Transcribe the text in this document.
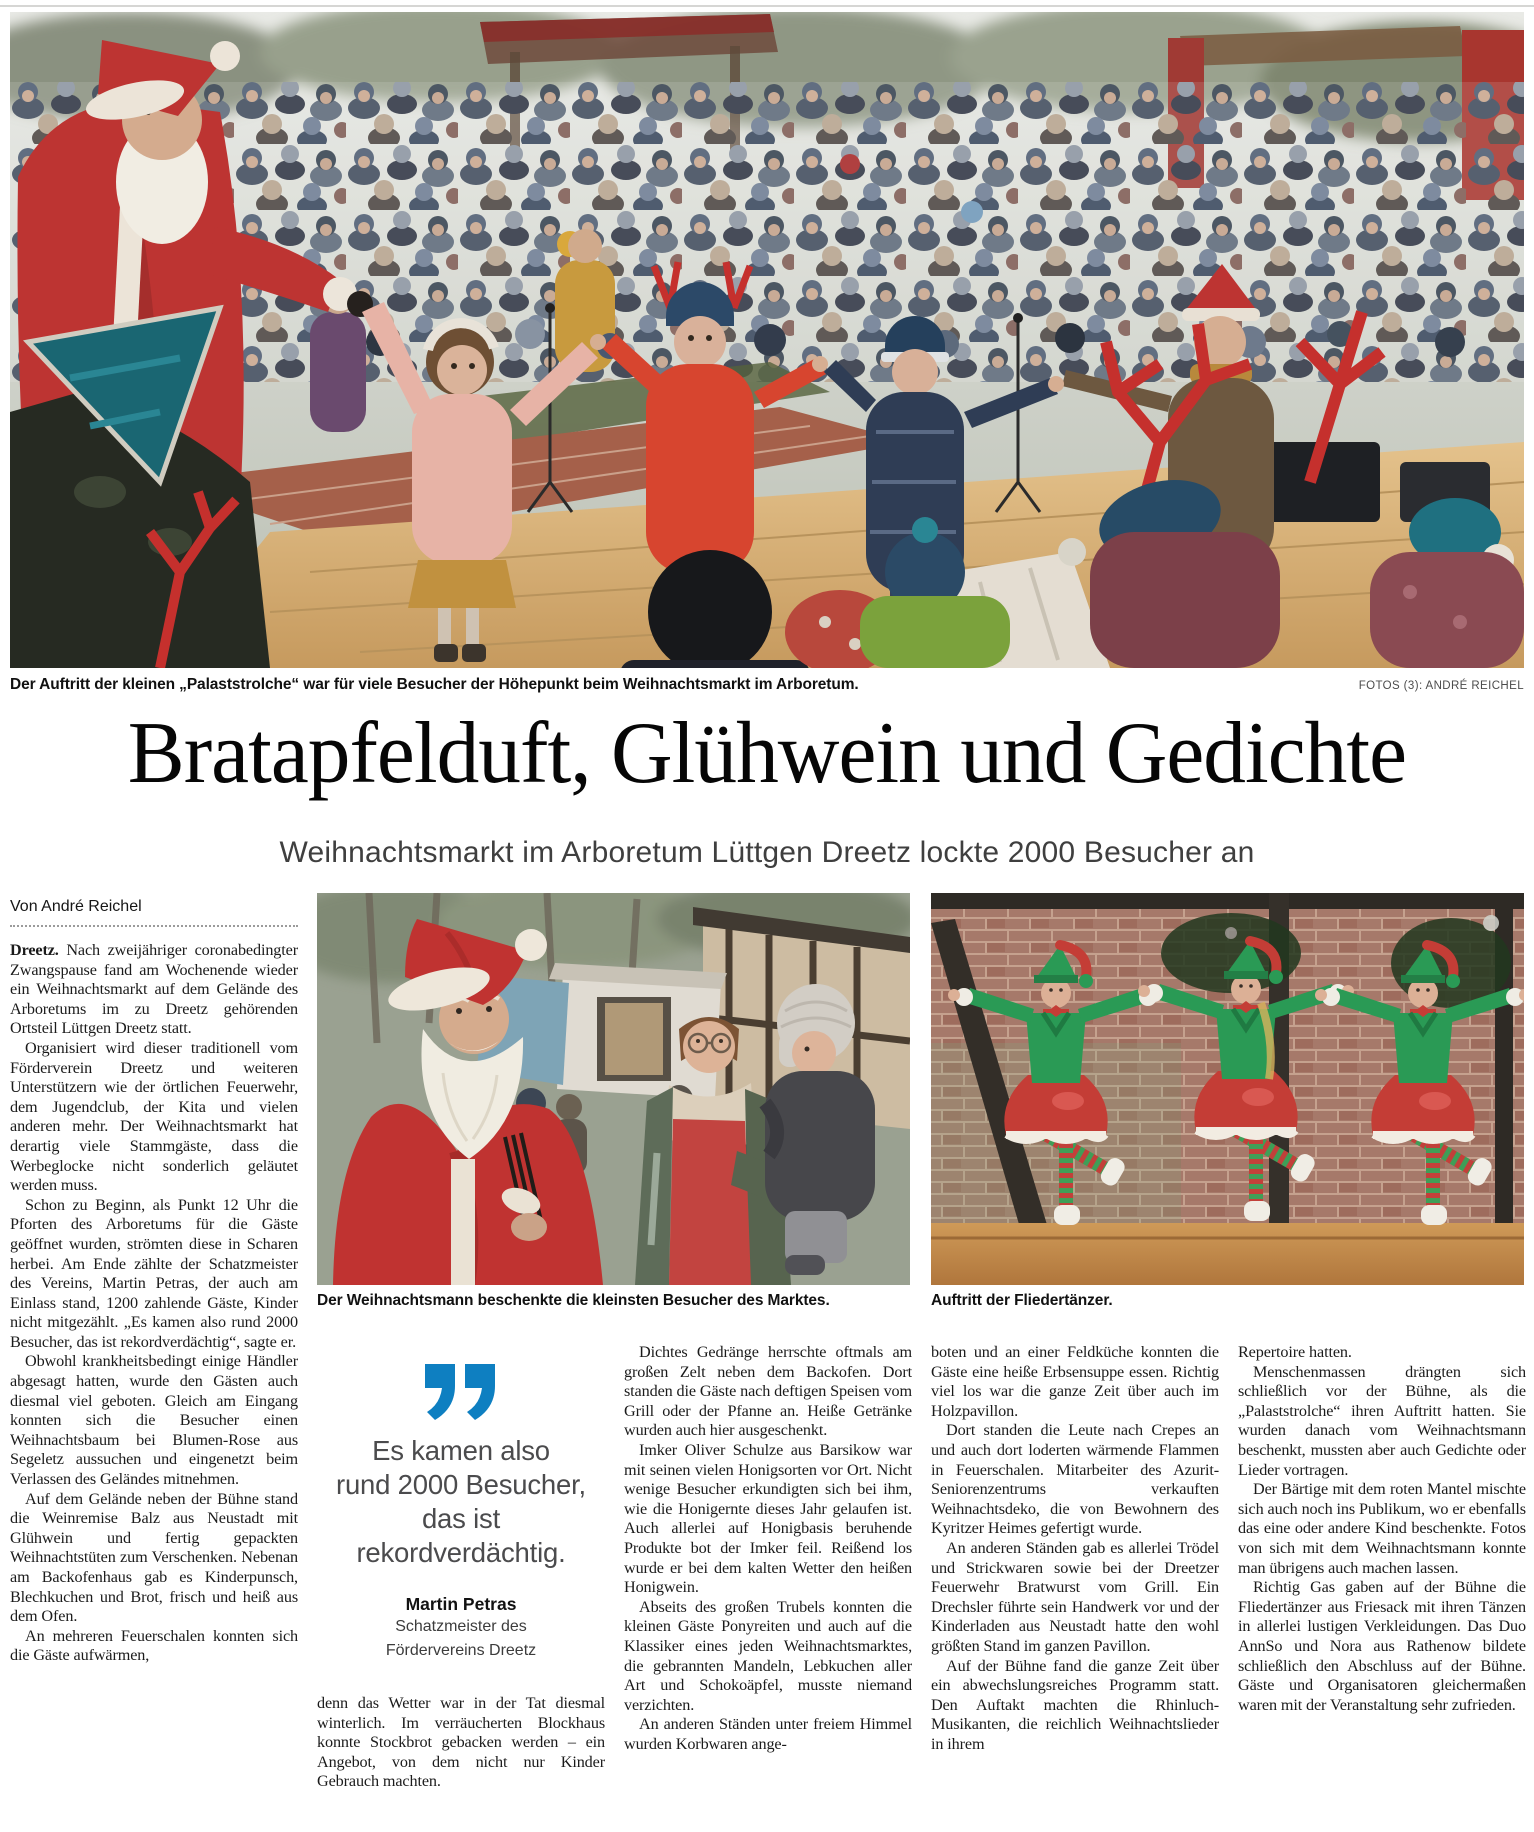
Der Auftritt der kleinen „Palaststrolche“ war für viele Besucher der Höhepunkt beim Weihnachtsmarkt im Arboretum.	FOTOS (3): ANDRÉ REICHEL
Bratapfelduft, Glühwein und Gedichte
Weihnachtsmarkt im Arboretum Lüttgen Dreetz lockte 2000 Besucher an
Von André Reichel
Der Weihnachtsmann beschenkte die kleinsten Besucher des Marktes.	Auftritt der Fliedertänzer.

Dreetz. Nach zweijähriger coronabedingter Zwangspause fand am Wochenende wieder ein Weihnachtsmarkt auf dem Gelände des Arboretums im zu Dreetz gehörenden Ortsteil Lüttgen Dreetz statt.

Organisiert wird dieser traditionell vom Förderverein Dreetz und weiteren Unterstützern wie der örtlichen Feuerwehr, dem Jugendclub, der Kita und vielen anderen mehr. Der Weihnachtsmarkt hat derartig viele Stammgäste, dass die Werbeglocke nicht sonderlich geläutet werden muss.

Schon zu Beginn, als Punkt 12 Uhr die Pforten des Arboretums für die Gäste geöffnet wurden, strömten diese in Scharen herbei. Am Ende zählte der Schatzmeister des Vereins, Martin Petras, der auch am Einlass stand, 1200 zahlende Gäste, Kinder nicht mitgezählt. „Es kamen also rund 2000 Besucher, das ist rekordverdächtig“, sagte er.

Obwohl krankheitsbedingt einige Händler abgesagt hatten, wurde den Gästen auch diesmal viel geboten. Gleich am Eingang konnten sich die Besucher einen Weihnachtsbaum bei Blumen-Rose aus Segeletz aussuchen und eingenetzt beim Verlassen des Geländes mitnehmen.

Auf dem Gelände neben der Bühne stand die Weinremise Balz aus Neustadt mit Glühwein und fertig gepackten Weihnachtstüten zum Verschenken. Nebenan am Backofenhaus gab es Kinderpunsch, Blechkuchen und Brot, frisch und heiß aus dem Ofen.

An mehreren Feuerschalen konnten sich die Gäste aufwärmen,

Es kamen also
rund 2000 Besucher,
das ist
rekordverdächtig.
Martin Petras
Schatzmeister des
Fördervereins Dreetz

denn das Wetter war in der Tat diesmal winterlich. Im verräucherten Blockhaus konnte Stockbrot gebacken werden – ein Angebot, von dem nicht nur Kinder Gebrauch machten.

Dichtes Gedränge herrschte oftmals am großen Zelt neben dem Backofen. Dort standen die Gäste nach deftigen Speisen vom Grill oder der Pfanne an. Heiße Getränke wurden auch hier ausgeschenkt.

Imker Oliver Schulze aus Barsikow war mit seinen vielen Honigsorten vor Ort. Nicht wenige Besucher erkundigten sich bei ihm, wie die Honigernte dieses Jahr gelaufen ist. Auch allerlei auf Honigbasis beruhende Produkte bot der Imker feil. Reißend los wurde er bei dem kalten Wetter den heißen Honigwein.

Abseits des großen Trubels konnten die kleinen Gäste Ponyreiten und auch auf die Klassiker eines jeden Weihnachtsmarktes, die gebrannten Mandeln, Lebkuchen aller Art und Schokoäpfel, musste niemand verzichten.

An anderen Ständen unter freiem Himmel wurden Korbwaren ange-

boten und an einer Feldküche konnten die Gäste eine heiße Erbsensuppe essen. Richtig viel los war die ganze Zeit über auch im Holzpavillon.

Dort standen die Leute nach Crepes an und auch dort loderten wärmende Flammen in Feuerschalen. Mitarbeiter des Azurit-Seniorenzentrums verkauften Weihnachtsdeko, die von Bewohnern des Kyritzer Heimes gefertigt wurde.

An anderen Ständen gab es allerlei Trödel und Strickwaren sowie bei der Dreetzer Feuerwehr Bratwurst vom Grill. Ein Drechsler führte sein Handwerk vor und der Kinderladen aus Neustadt hatte den wohl größten Stand im ganzen Pavillon.

Auf der Bühne fand die ganze Zeit über ein abwechslungsreiches Programm statt. Den Auftakt machten die Rhinluch-Musikanten, die reichlich Weihnachtslieder in ihrem

Repertoire hatten.

Menschenmassen drängten sich schließlich vor der Bühne, als die „Palaststrolche“ ihren Auftritt hatten. Sie wurden danach vom Weihnachtsmann beschenkt, mussten aber auch Gedichte oder Lieder vortragen.

Der Bärtige mit dem roten Mantel mischte sich auch noch ins Publikum, wo er ebenfalls das eine oder andere Kind beschenkte. Fotos von sich mit dem Weihnachtsmann konnte man übrigens auch machen lassen.

Richtig Gas gaben auf der Bühne die Fliedertänzer aus Friesack mit ihren Tänzen in allerlei lustigen Verkleidungen. Das Duo AnnSo und Nora aus Rathenow bildete schließlich den Abschluss auf der Bühne. Gäste und Organisatoren gleichermaßen waren mit der Veranstaltung sehr zufrieden.
